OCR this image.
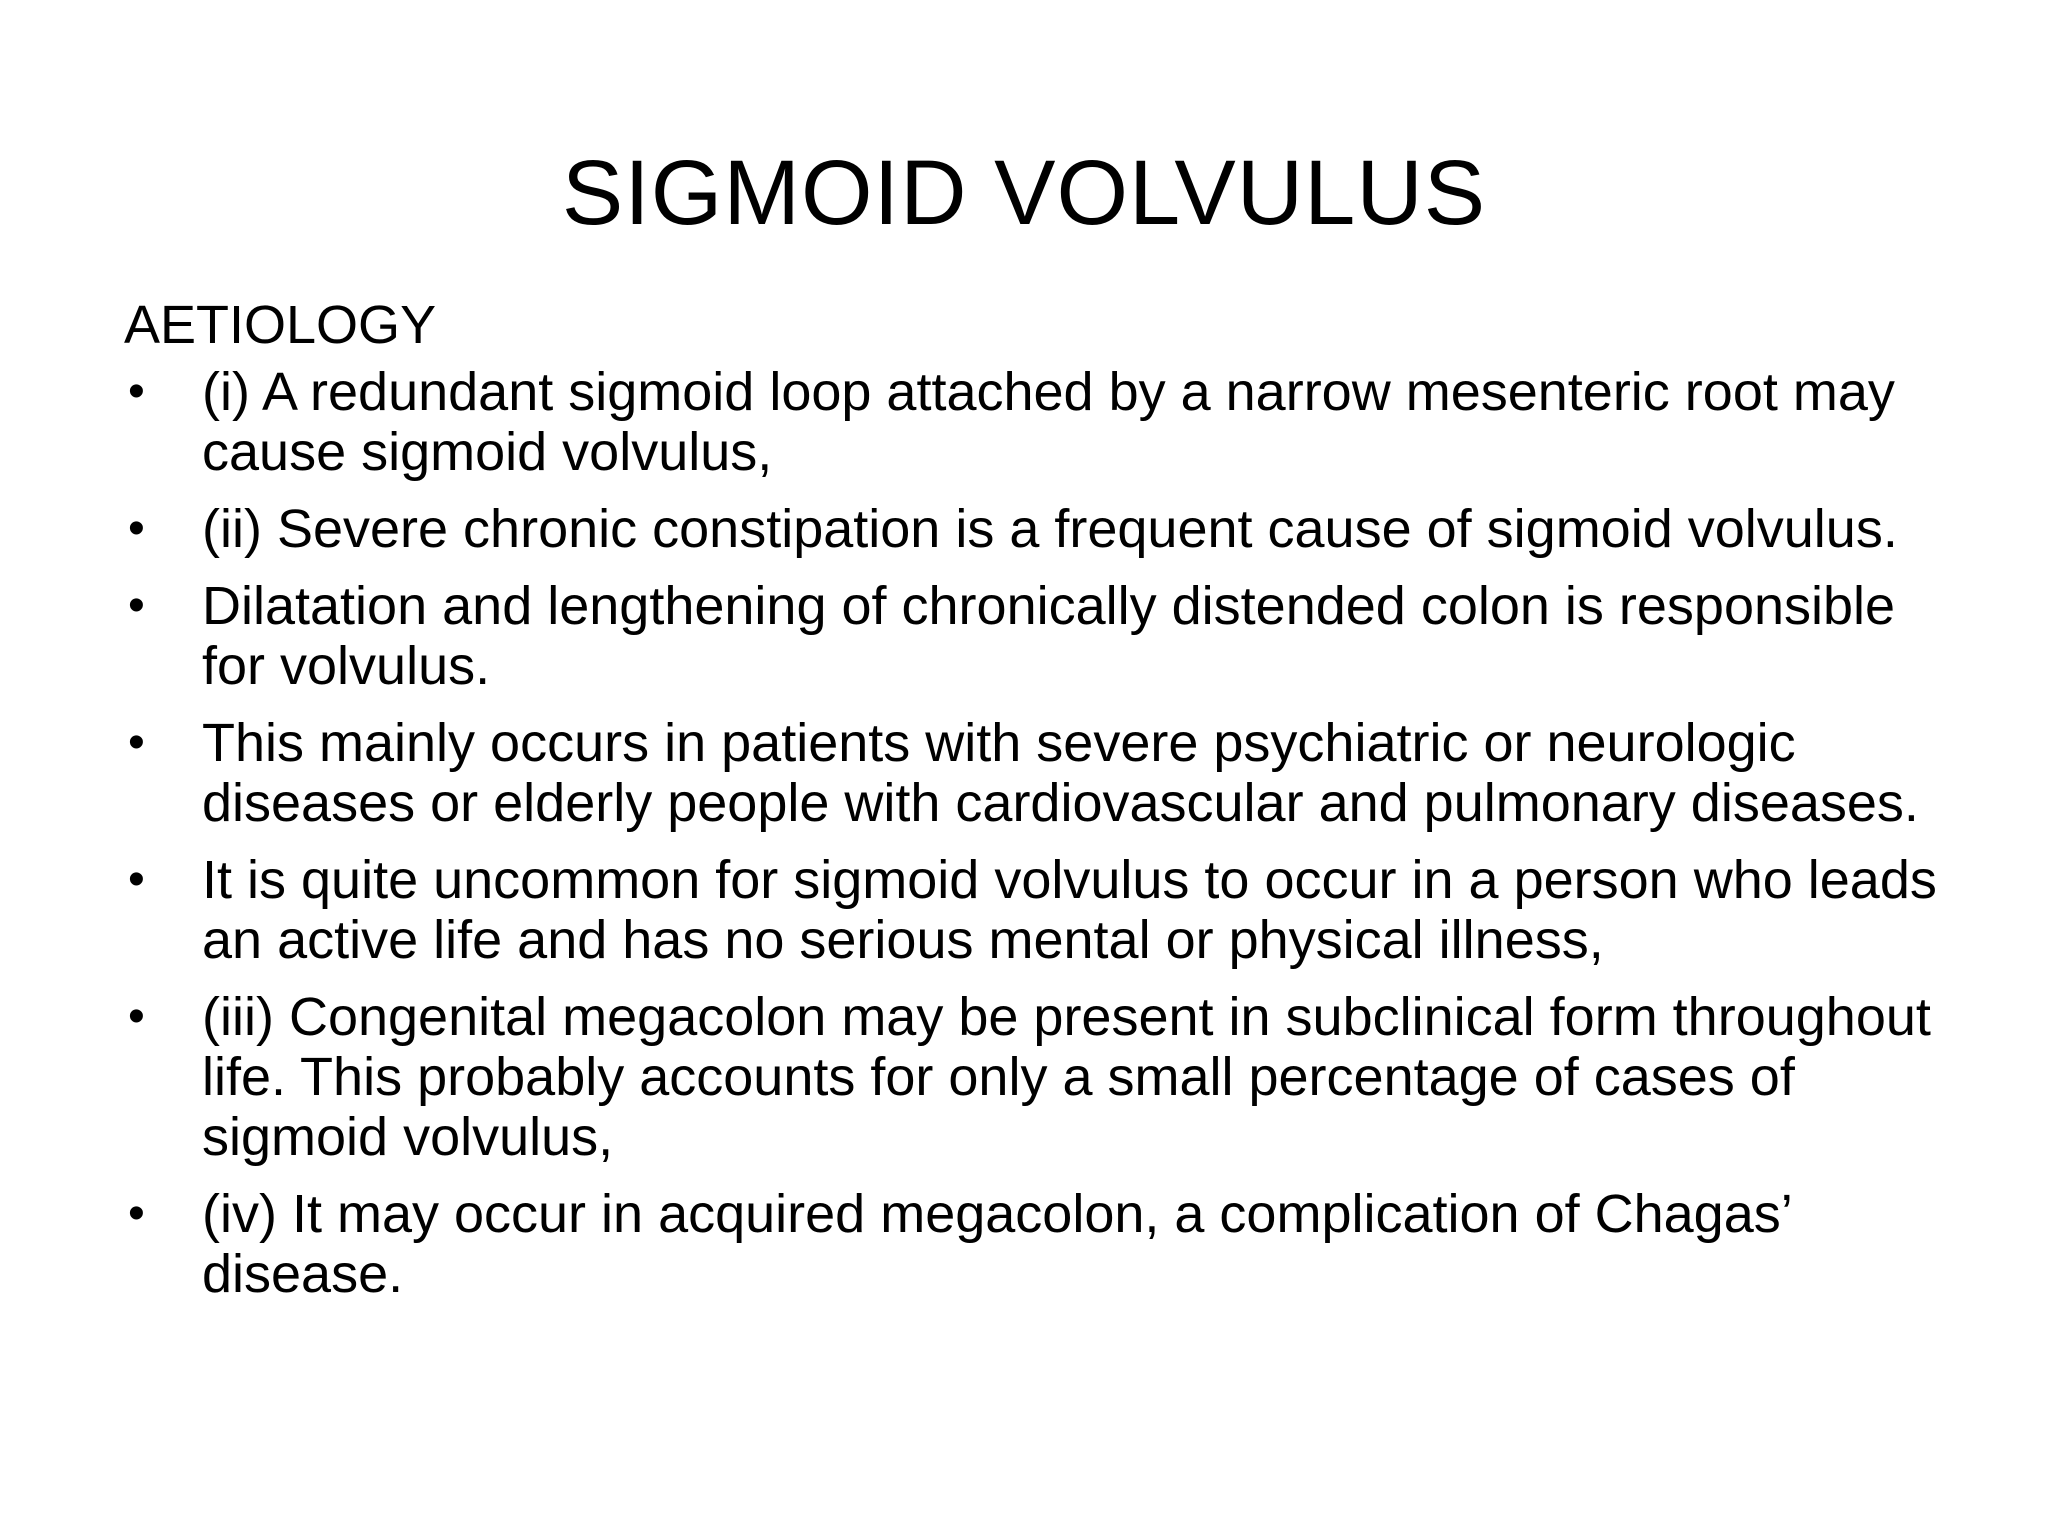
SIGMOID VOLVULUS
AETIOLOGY
•	(i) A redundant sigmoid loop attached by a narrow mesenteric root may cause sigmoid volvulus,
•	(ii) Severe chronic constipation is a frequent cause of sigmoid volvulus.
•	Dilatation and lengthening of chronically distended colon is responsible for volvulus.
•	This mainly occurs in patients with severe psychiatric or neurologic diseases or elderly people with cardiovascular and pulmonary diseases.
•	It is quite uncommon for sigmoid volvulus to occur in a person who leads an active life and has no serious mental or physical illness,
•	(iii) Congenital megacolon may be present in subclinical form throughout life. This probably accounts for only a small percentage of cases of sigmoid volvulus,
•	(iv) It may occur in acquired megacolon, a complication of Chagas’ disease.
